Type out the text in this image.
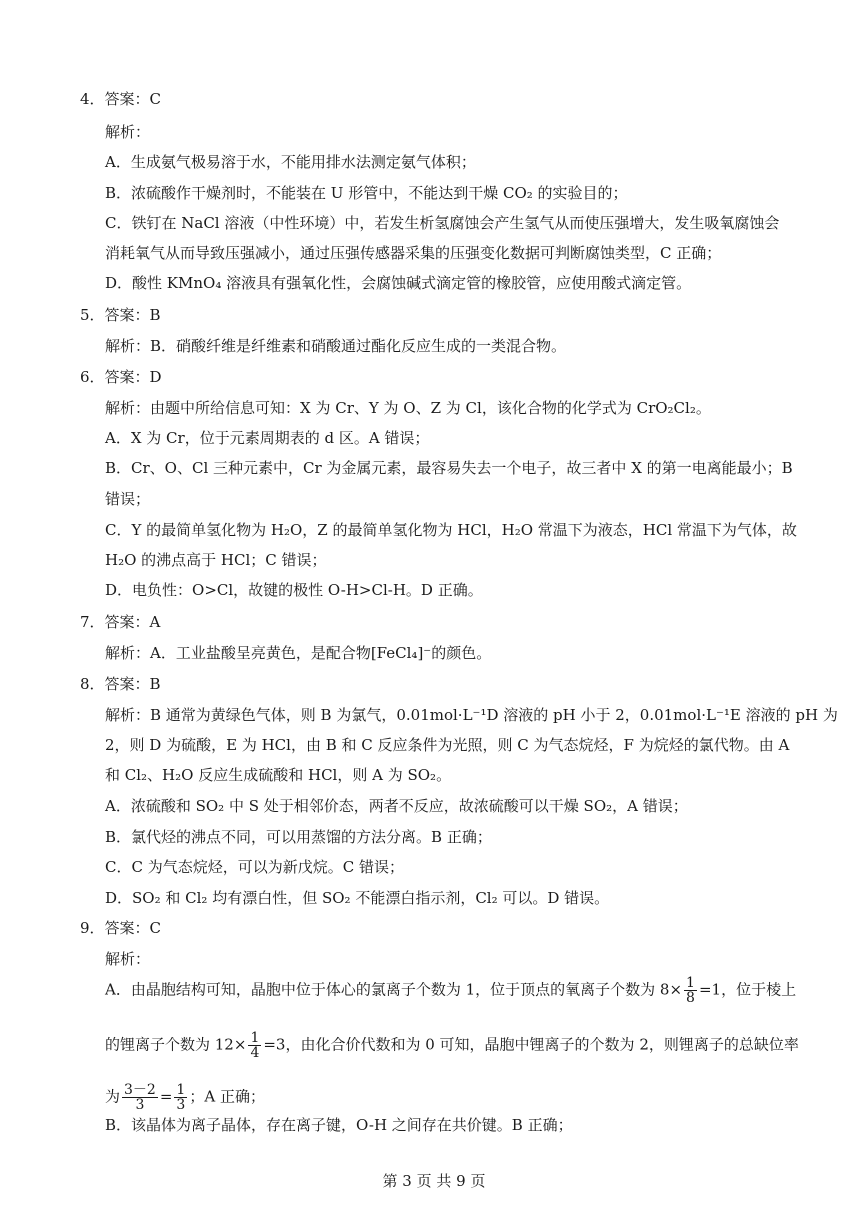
4．答案：C
解析：
A．生成氨气极易溶于水，不能用排水法测定氨气体积；
B．浓硫酸作干燥剂时，不能装在 U 形管中，不能达到干燥 CO₂ 的实验目的；
C．铁钉在 NaCl 溶液（中性环境）中，若发生析氢腐蚀会产生氢气从而使压强增大，发生吸氧腐蚀会
消耗氧气从而导致压强减小，通过压强传感器采集的压强变化数据可判断腐蚀类型，C 正确；
D．酸性 KMnO₄ 溶液具有强氧化性，会腐蚀碱式滴定管的橡胶管，应使用酸式滴定管。
5．答案：B
解析：B．硝酸纤维是纤维素和硝酸通过酯化反应生成的一类混合物。
6．答案：D
解析：由题中所给信息可知：X 为 Cr、Y 为 O、Z 为 Cl，该化合物的化学式为 CrO₂Cl₂。
A．X 为 Cr，位于元素周期表的 d 区。A 错误；
B．Cr、O、Cl 三种元素中，Cr 为金属元素，最容易失去一个电子，故三者中 X 的第一电离能最小；B
错误；
C．Y 的最简单氢化物为 H₂O，Z 的最简单氢化物为 HCl，H₂O 常温下为液态，HCl 常温下为气体，故
H₂O 的沸点高于 HCl；C 错误；
D．电负性：O>Cl，故键的极性 O-H>Cl-H。D 正确。
7．答案：A
解析：A．工业盐酸呈亮黄色，是配合物[FeCl₄]⁻的颜色。
8．答案：B
解析：B 通常为黄绿色气体，则 B 为氯气，0.01mol·L⁻¹D 溶液的 pH 小于 2，0.01mol·L⁻¹E 溶液的 pH 为
2，则 D 为硫酸，E 为 HCl，由 B 和 C 反应条件为光照，则 C 为气态烷烃，F 为烷烃的氯代物。由 A
和 Cl₂、H₂O 反应生成硫酸和 HCl，则 A 为 SO₂。
A．浓硫酸和 SO₂ 中 S 处于相邻价态，两者不反应，故浓硫酸可以干燥 SO₂，A 错误；
B．氯代烃的沸点不同，可以用蒸馏的方法分离。B 正确；
C．C 为气态烷烃，可以为新戊烷。C 错误；
D．SO₂ 和 Cl₂ 均有漂白性，但 SO₂ 不能漂白指示剂，Cl₂ 可以。D 错误。
9．答案：C
解析：
A．由晶胞结构可知，晶胞中位于体心的氯离子个数为 1，位于顶点的氧离子个数为 $8\times \frac{1}{8} =1$，位于棱上
的锂离子个数为 $12\times \frac{1}{4} =3$，由化合价代数和为 0 可知，晶胞中锂离子的个数为 2，则锂离子的总缺位率
为 $\frac{3-2}{3} = \frac{1}{3}$ ；A 正确；
B．该晶体为离子晶体，存在离子键，O-H 之间存在共价键。B 正确；
第 3 页 共 9 页
